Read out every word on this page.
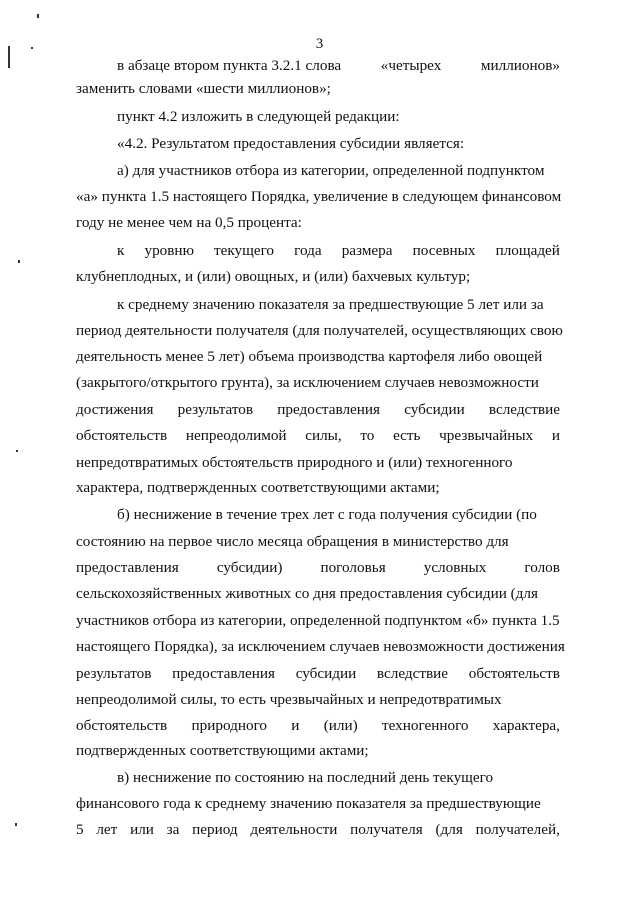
3
в абзаце втором пункта 3.2.1 слова	«четырех	миллионов»
заменить словами «шести миллионов»;
пункт 4.2 изложить в следующей редакции:
«4.2. Результатом предоставления субсидии является:
а) для участников отбора из категории, определенной подпунктом
«а» пункта 1.5 настоящего Порядка, увеличение в следующем финансовом
году не менее чем на 0,5 процента:
к уровню текущего года размера посевных площадей
клубнеплодных, и (или) овощных, и (или) бахчевых культур;
к среднему значению показателя за предшествующие 5 лет или за
период деятельности получателя (для получателей, осуществляющих свою
деятельность менее 5 лет) объема производства картофеля либо овощей
(закрытого/открытого грунта), за исключением случаев невозможности
достижения результатов предоставления субсидии вследствие
обстоятельств непреодолимой силы, то есть чрезвычайных и
непредотвратимых обстоятельств природного и (или) техногенного
характера, подтвержденных соответствующими актами;
б) неснижение в течение трех лет с года получения субсидии (по
состоянию на первое число месяца обращения в министерство для
предоставления	субсидии)	поголовья	условных	голов
сельскохозяйственных животных со дня предоставления субсидии (для
участников отбора из категории, определенной подпунктом «б» пункта 1.5
настоящего Порядка), за исключением случаев невозможности достижения
результатов предоставления субсидии вследствие обстоятельств
непреодолимой силы, то есть чрезвычайных и непредотвратимых
обстоятельств природного и (или) техногенного характера,
подтвержденных соответствующими актами;
в) неснижение по состоянию на последний день текущего
финансового года к среднему значению показателя за предшествующие
5 лет или за период деятельности получателя (для получателей,
